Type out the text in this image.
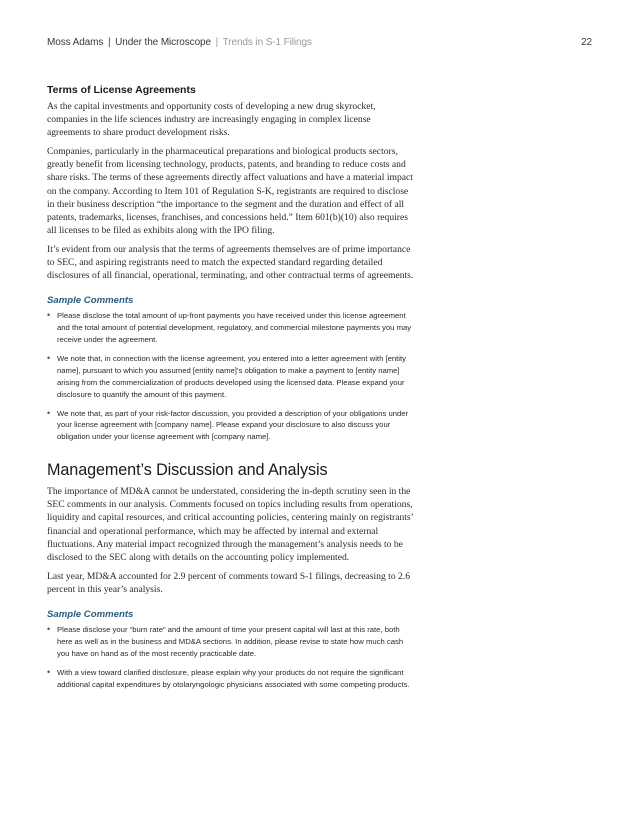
Moss Adams | Under the Microscope | Trends in S-1 Filings	22
Terms of License Agreements

As the capital investments and opportunity costs of developing a new drug skyrocket, companies in the life sciences industry are increasingly engaging in complex license agreements to share product development risks.

Companies, particularly in the pharmaceutical preparations and biological products sectors, greatly benefit from licensing technology, products, patents, and branding to reduce costs and share risks. The terms of these agreements directly affect valuations and have a material impact on the company. According to Item 101 of Regulation S-K, registrants are required to disclose in their business description “the importance to the segment and the duration and effect of all patents, trademarks, licenses, franchises, and concessions held.” Item 601(b)(10) also requires all licenses to be filed as exhibits along with the IPO filing.

It’s evident from our analysis that the terms of agreements themselves are of prime importance to SEC, and aspiring registrants need to match the expected standard regarding detailed disclosures of all financial, operational, terminating, and other contractual terms of agreements.

Sample Comments
• Please disclose the total amount of up-front payments you have received under this license agreement and the total amount of potential development, regulatory, and commercial milestone payments you may receive under the agreement.
• We note that, in connection with the license agreement, you entered into a letter agreement with [entity name], pursuant to which you assumed [entity name]’s obligation to make a payment to [entity name] arising from the commercialization of products developed using the licensed data. Please expand your disclosure to quantify the amount of this payment.
• We note that, as part of your risk-factor discussion, you provided a description of your obligations under your license agreement with [company name]. Please expand your disclosure to also discuss your obligation under your license agreement with [company name].
Management’s Discussion and Analysis

The importance of MD&A cannot be understated, considering the in-depth scrutiny seen in the SEC comments in our analysis. Comments focused on topics including results from operations, liquidity and capital resources, and critical accounting policies, centering mainly on registrants’ financial and operational performance, which may be affected by internal and external fluctuations. Any material impact recognized through the management’s analysis needs to be disclosed to the SEC along with details on the accounting policy implemented.

Last year, MD&A accounted for 2.9 percent of comments toward S-1 filings, decreasing to 2.6 percent in this year’s analysis.

Sample Comments
• Please disclose your “burn rate” and the amount of time your present capital will last at this rate, both here as well as in the business and MD&A sections. In addition, please revise to state how much cash you have on hand as of the most recently practicable date.
• With a view toward clarified disclosure, please explain why your products do not require the significant additional capital expenditures by otolaryngologic physicians associated with some competing products.
